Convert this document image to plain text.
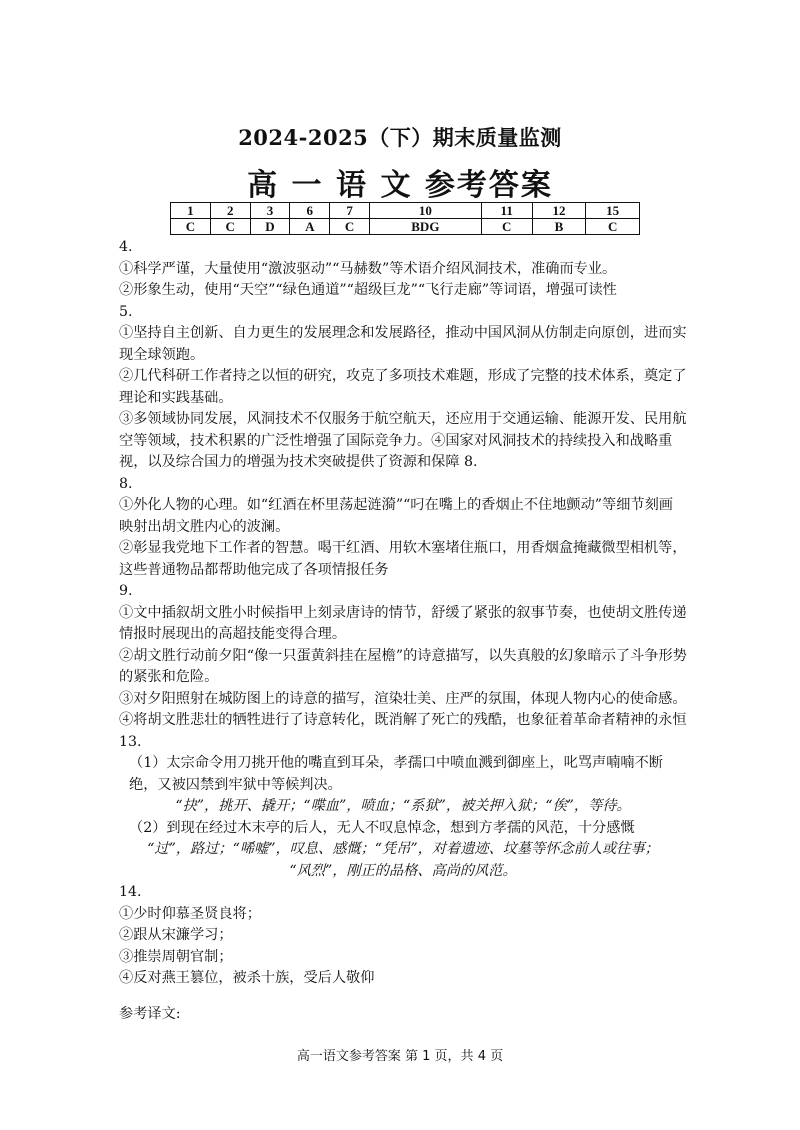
2024-2025（下）期末质量监测
高 一 语 文 参考答案
1	2	3	6	7	10	11	12	15
C	C	D	A	C	BDG	C	B	C
4.
①科学严谨，大量使用“激波驱动”“马赫数”等术语介绍风洞技术，准确而专业。
②形象生动，使用“天空”“绿色通道”“超级巨龙”“飞行走廊”等词语，增强可读性
5.
①坚持自主创新、自力更生的发展理念和发展路径，推动中国风洞从仿制走向原创，进而实现全球领跑。
②几代科研工作者持之以恒的研究，攻克了多项技术难题，形成了完整的技术体系，奠定了理论和实践基础。
③多领域协同发展，风洞技术不仅服务于航空航天，还应用于交通运输、能源开发、民用航空等领域，技术积累的广泛性增强了国际竞争力。④国家对风洞技术的持续投入和战略重视，以及综合国力的增强为技术突破提供了资源和保障 8.
8.
①外化人物的心理。如“红酒在杯里荡起涟漪”“叼在嘴上的香烟止不住地颤动”等细节刻画映射出胡文胜内心的波澜。
②彰显我党地下工作者的智慧。喝干红酒、用软木塞堵住瓶口，用香烟盒掩藏微型相机等，这些普通物品都帮助他完成了各项情报任务
9.
①文中插叙胡文胜小时候指甲上刻录唐诗的情节，舒缓了紧张的叙事节奏，也使胡文胜传递情报时展现出的高超技能变得合理。
②胡文胜行动前夕阳“像一只蛋黄斜挂在屋檐”的诗意描写，以失真般的幻象暗示了斗争形势的紧张和危险。
③对夕阳照射在城防图上的诗意的描写，渲染壮美、庄严的氛围，体现人物内心的使命感。④将胡文胜悲壮的牺牲进行了诗意转化，既消解了死亡的残酷，也象征着革命者精神的永恒
13.
（1）太宗命令用刀挑开他的嘴直到耳朵，孝孺口中喷血溅到御座上，叱骂声喃喃不断绝，又被囚禁到牢狱中等候判决。
“抉”，挑开、撬开；“喋血”，喷血；“系狱”，被关押入狱；“俟”，等待。
（2）到现在经过木末亭的后人，无人不叹息悼念，想到方孝孺的风范，十分感慨
“过”，路过；“唏嘘”，叹息、感慨；“凭吊”，对着遗迹、坟墓等怀念前人或往事；
“风烈”，刚正的品格、高尚的风范。
14.
①少时仰慕圣贤良将；
②跟从宋濂学习；
③推崇周朝官制；
④反对燕王篡位，被杀十族，受后人敬仰
参考译文:
高一语文参考答案 第 1 页，共 4 页
